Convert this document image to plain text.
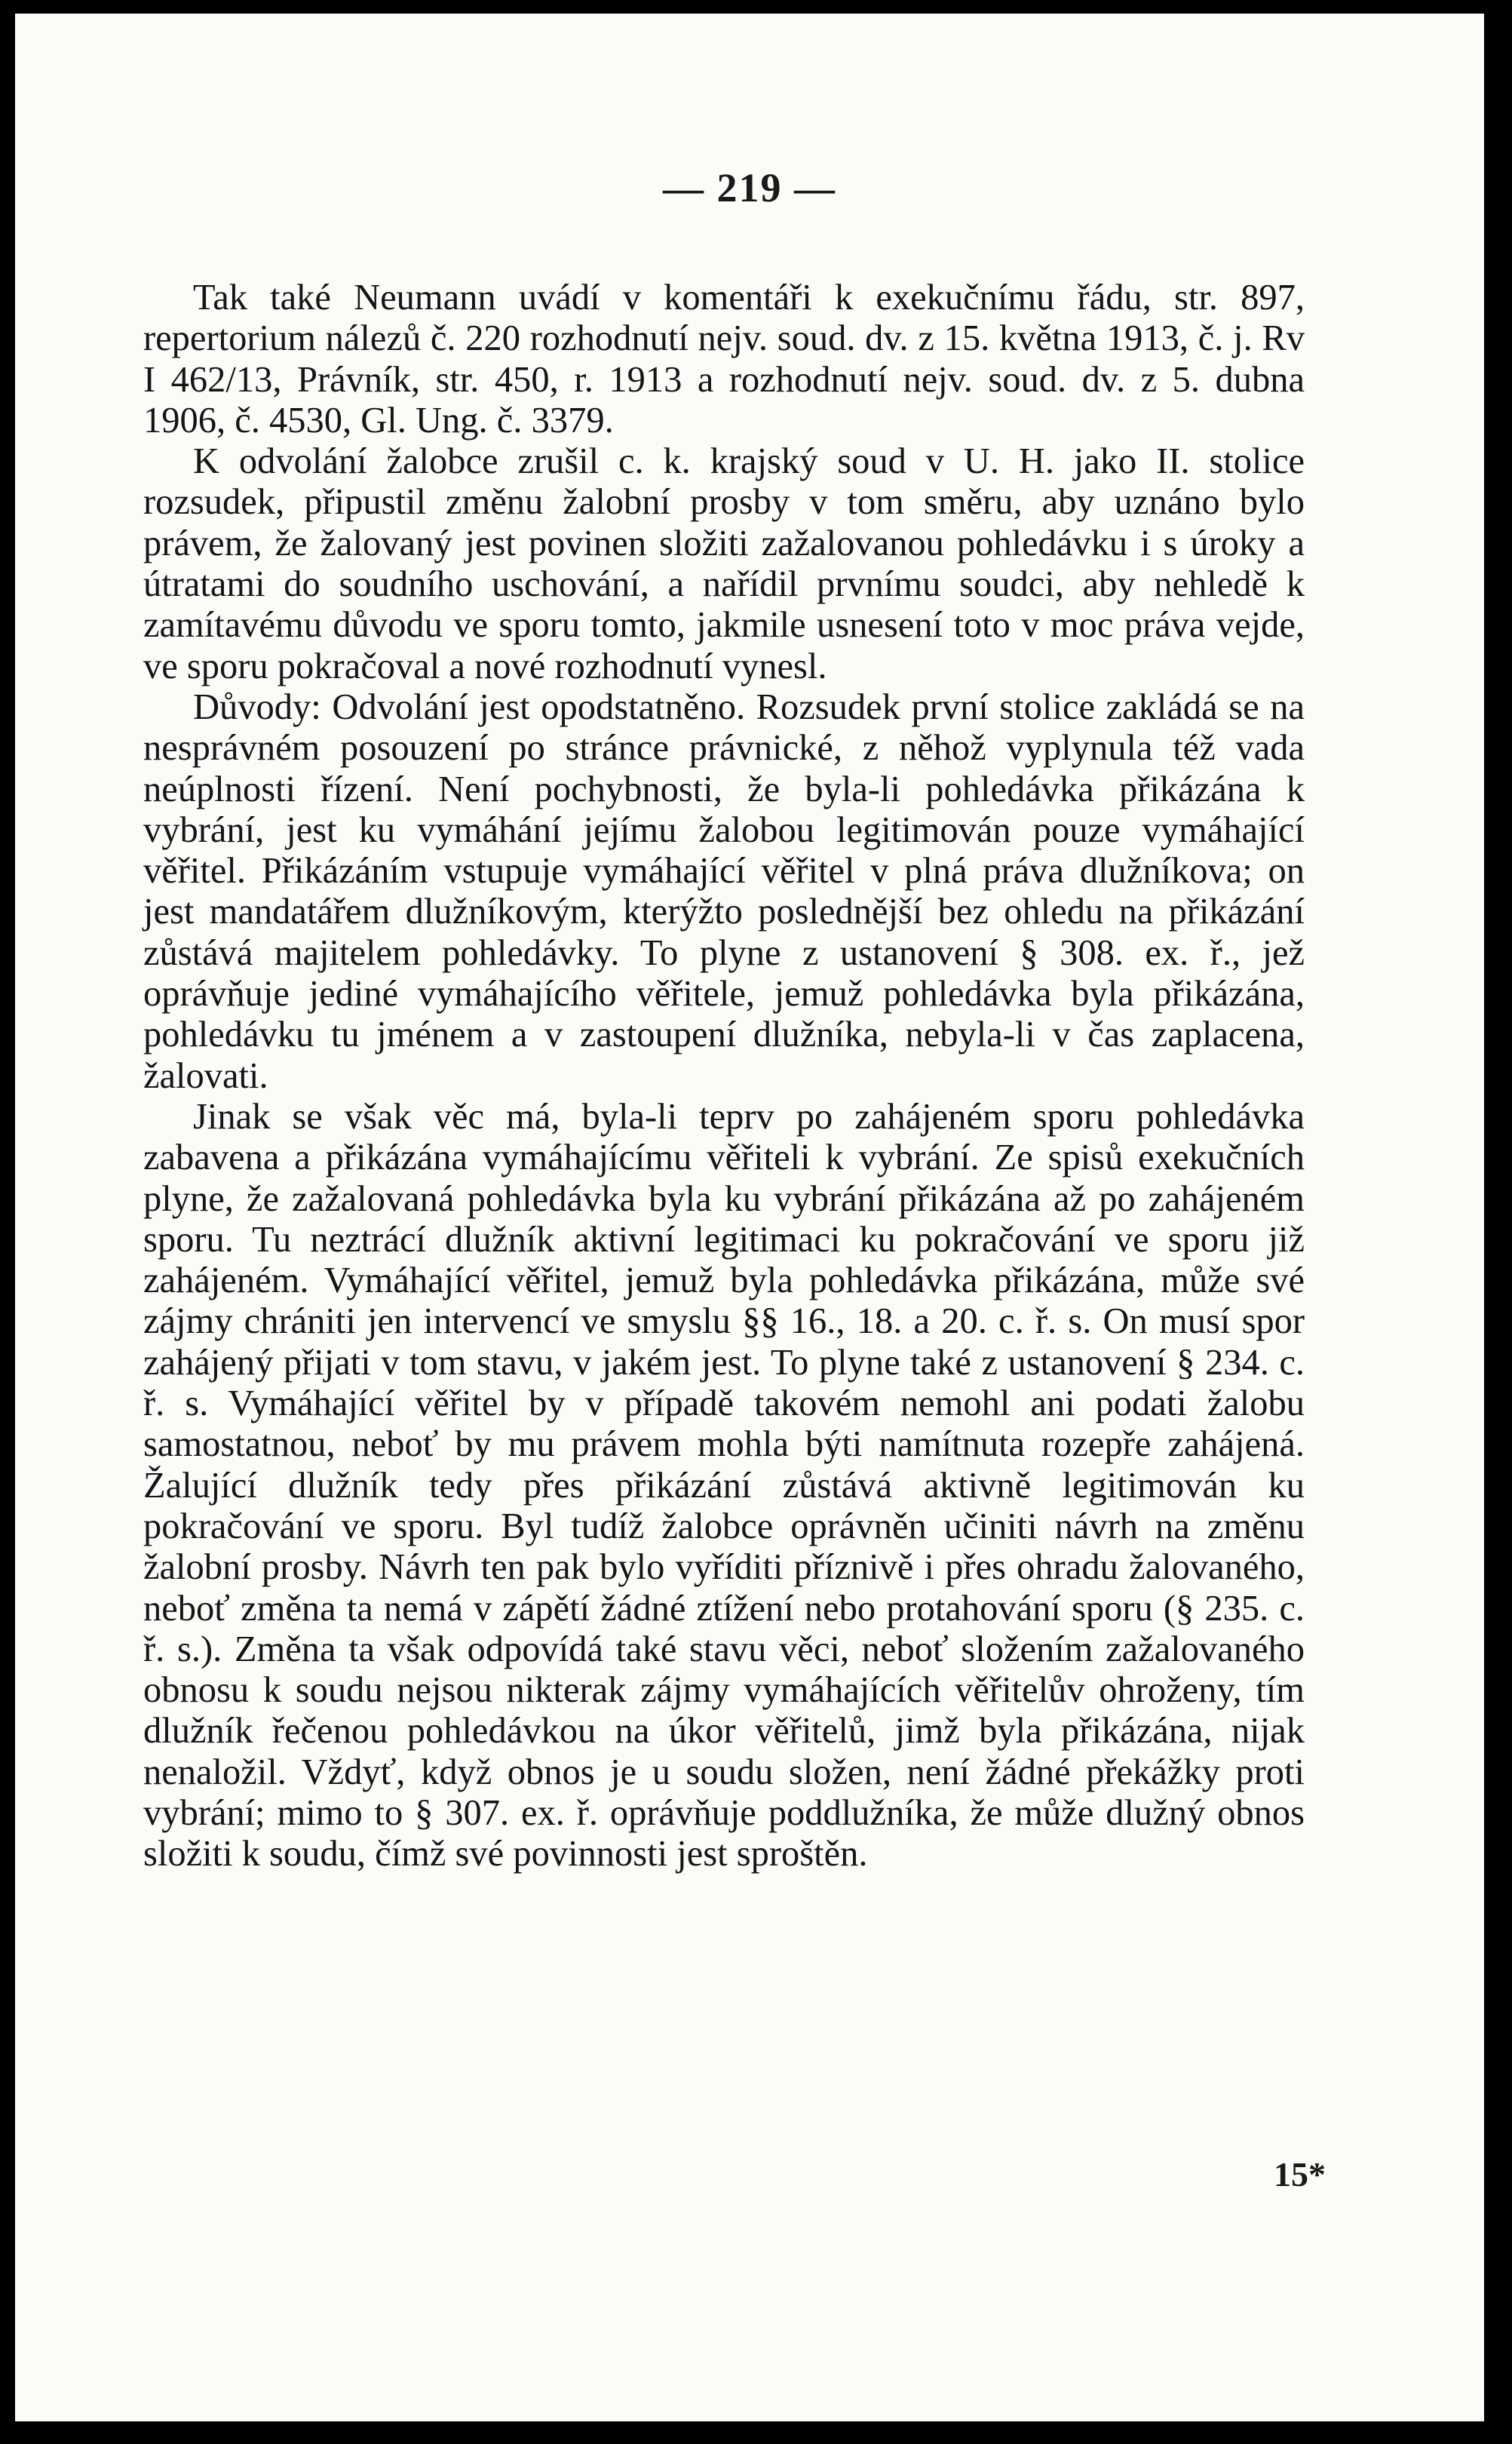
— 219 —

Tak také Neumann uvádí v komentáři k exekučnímu řádu, str. 897, repertorium nálezů č. 220 rozhodnutí nejv. soud. dv. z 15. května 1913, č. j. Rv I 462/13, Právník, str. 450, r. 1913 a rozhodnutí nejv. soud. dv. z 5. dubna 1906, č. 4530, Gl. Ung. č. 3379.

K odvolání žalobce zrušil c. k. krajský soud v U. H. jako II. stolice rozsudek, připustil změnu žalobní prosby v tom směru, aby uznáno bylo právem, že žalovaný jest povinen složiti zažalovanou pohledávku i s úroky a útratami do soudního uschování, a nařídil prvnímu soudci, aby nehledě k zamítavému důvodu ve sporu tomto, jakmile usnesení toto v moc práva vejde, ve sporu pokračoval a nové rozhodnutí vynesl.

Důvody: Odvolání jest opodstatněno. Rozsudek první stolice zakládá se na nesprávném posouzení po stránce právnické, z něhož vyplynula též vada neúplnosti řízení. Není pochybnosti, že byla-li pohledávka přikázána k vybrání, jest ku vymáhání jejímu žalobou legitimován pouze vymáhající věřitel. Přikázáním vstupuje vymáhající věřitel v plná práva dlužníkova; on jest mandatářem dlužníkovým, kterýžto poslednější bez ohledu na přikázání zůstává majitelem pohledávky. To plyne z ustanovení § 308. ex. ř., jež oprávňuje jediné vymáhajícího věřitele, jemuž pohledávka byla přikázána, pohledávku tu jménem a v zastoupení dlužníka, nebyla-li v čas zaplacena, žalovati.

Jinak se však věc má, byla-li teprv po zahájeném sporu pohledávka zabavena a přikázána vymáhajícímu věřiteli k vybrání. Ze spisů exekučních plyne, že zažalovaná pohledávka byla ku vybrání přikázána až po zahájeném sporu. Tu neztrácí dlužník aktivní legitimaci ku pokračování ve sporu již zahájeném. Vymáhající věřitel, jemuž byla pohledávka přikázána, může své zájmy chrániti jen intervencí ve smyslu §§ 16., 18. a 20. c. ř. s. On musí spor zahájený přijati v tom stavu, v jakém jest. To plyne také z ustanovení § 234. c. ř. s. Vymáhající věřitel by v případě takovém nemohl ani podati žalobu samostatnou, neboť by mu právem mohla býti namítnuta rozepře zahájená. Žalující dlužník tedy přes přikázání zůstává aktivně legitimován ku pokračování ve sporu. Byl tudíž žalobce oprávněn učiniti návrh na změnu žalobní prosby. Návrh ten pak bylo vyříditi příznivě i přes ohradu žalovaného, neboť změna ta nemá v zápětí žádné ztížení nebo protahování sporu (§ 235. c. ř. s.). Změna ta však odpovídá také stavu věci, neboť složením zažalovaného obnosu k soudu nejsou nikterak zájmy vymáhajících věřitelův ohroženy, tím dlužník řečenou pohledávkou na úkor věřitelů, jimž byla přikázána, nijak nenaložil. Vždyť, když obnos je u soudu složen, není žádné překážky proti vybrání; mimo to § 307. ex. ř. oprávňuje poddlužníka, že může dlužný obnos složiti k soudu, čímž své povinnosti jest sproštěn.

15*
